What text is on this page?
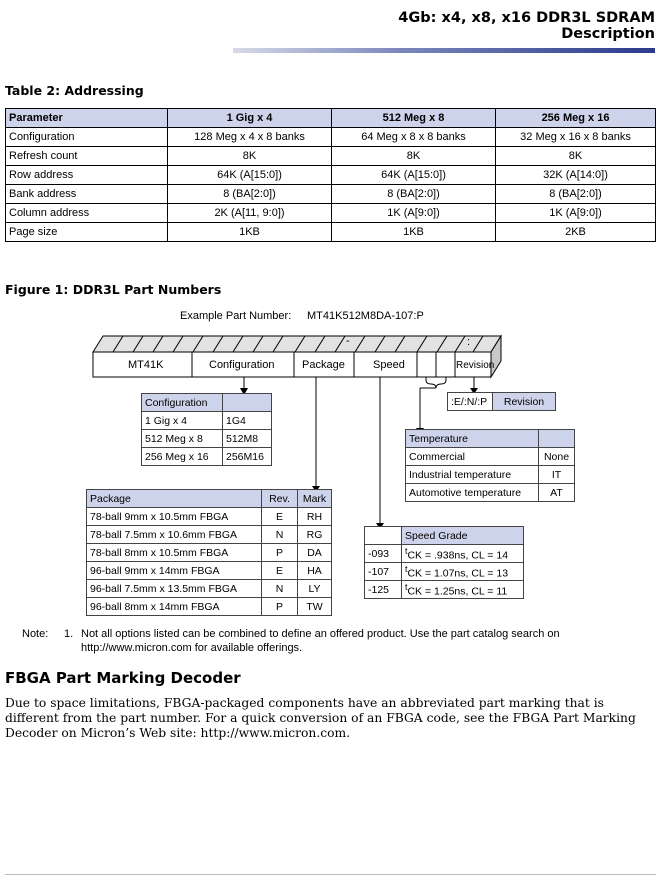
4Gb: x4, x8, x16 DDR3L SDRAM
Description
Table 2: Addressing
Parameter	1 Gig x 4	512 Meg x 8	256 Meg x 16
Configuration	128 Meg x 4 x 8 banks	64 Meg x 8 x 8 banks	32 Meg x 16 x 8 banks
Refresh count	8K	8K	8K
Row address	64K (A[15:0])	64K (A[15:0])	32K (A[14:0])
Bank address	8 (BA[2:0])	8 (BA[2:0])	8 (BA[2:0])
Column address	2K (A[11, 9:0])	1K (A[9:0])	1K (A[9:0])
Page size	1KB	1KB	2KB
Figure 1: DDR3L Part Numbers
Example Part Number: MT41K512M8DA-107:P
MT41K	Configuration	Package	Speed	Revision
-	:
:E/:N/:P	Revision
Configuration	
1 Gig x 4	1G4
512 Meg x 8	512M8
256 Meg x 16	256M16
Temperature	
Commercial	None
Industrial temperature	IT
Automotive temperature	AT
Package	Rev.	Mark
78-ball 9mm x 10.5mm FBGA	E	RH
78-ball 7.5mm x 10.6mm FBGA	N	RG
78-ball 8mm x 10.5mm FBGA	P	DA
96-ball 9mm x 14mm FBGA	E	HA
96-ball 7.5mm x 13.5mm FBGA	N	LY
96-ball 8mm x 14mm FBGA	P	TW
	Speed Grade
-093	$^t$CK = .938ns, CL = 14
-107	$^t$CK = 1.07ns, CL = 13
-125	$^t$CK = 1.25ns, CL = 11
Note: 1. Not all options listed can be combined to define an offered product. Use the part catalog search on
http://www.micron.com for available offerings.
FBGA Part Marking Decoder
Due to space limitations, FBGA-packaged components have an abbreviated part marking that is different from the part number. For a quick conversion of an FBGA code, see the FBGA Part Marking Decoder on Micron’s Web site: http://www.micron.com.
